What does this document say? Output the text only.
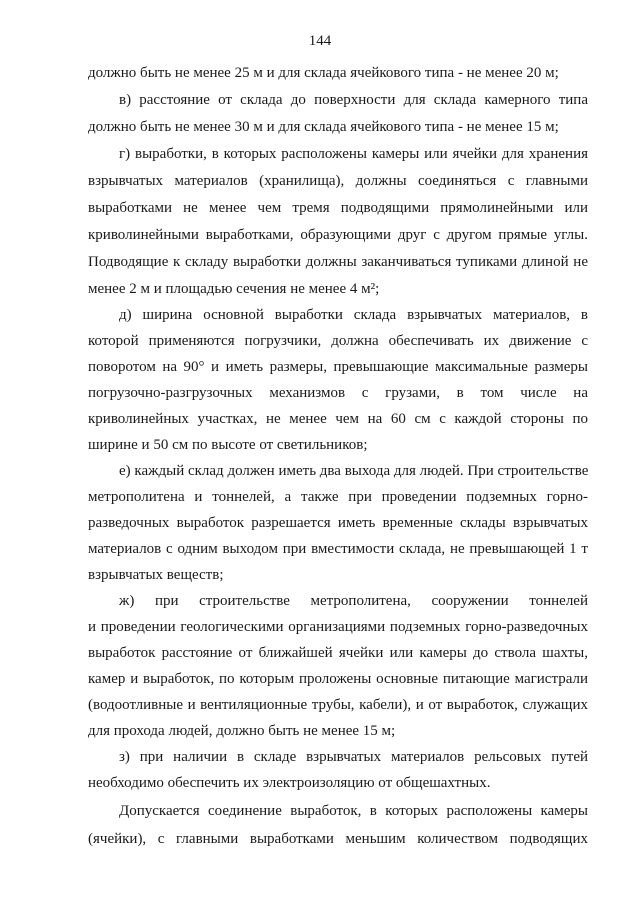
144
должно быть не менее 25 м и для склада ячейкового типа - не менее 20 м;
в) расстояние от склада до поверхности для склада камерного типа
должно быть не менее 30 м и для склада ячейкового типа - не менее 15 м;
г) выработки, в которых расположены камеры или ячейки для хранения
взрывчатых материалов (хранилища), должны соединяться с главными
выработками не менее чем тремя подводящими прямолинейными или
криволинейными выработками, образующими друг с другом прямые углы.
Подводящие к складу выработки должны заканчиваться тупиками длиной не
менее 2 м и площадью сечения не менее 4 м²;
д) ширина основной выработки склада взрывчатых материалов, в
которой применяются погрузчики, должна обеспечивать их движение с
поворотом на 90° и иметь размеры, превышающие максимальные размеры
погрузочно-разгрузочных механизмов с грузами, в том числе на
криволинейных участках, не менее чем на 60 см с каждой стороны по
ширине и 50 см по высоте от светильников;
е) каждый склад должен иметь два выхода для людей. При строительстве
метрополитена и тоннелей, а также при проведении подземных горно-
разведочных выработок разрешается иметь временные склады взрывчатых
материалов с одним выходом при вместимости склада, не превышающей 1 т
взрывчатых веществ;
ж) при строительстве метрополитена, сооружении тоннелей
и проведении геологическими организациями подземных горно-разведочных
выработок расстояние от ближайшей ячейки или камеры до ствола шахты,
камер и выработок, по которым проложены основные питающие магистрали
(водоотливные и вентиляционные трубы, кабели), и от выработок, служащих
для прохода людей, должно быть не менее 15 м;
з) при наличии в складе взрывчатых материалов рельсовых путей
необходимо обеспечить их электроизоляцию от общешахтных.
Допускается соединение выработок, в которых расположены камеры
(ячейки), с главными выработками меньшим количеством подводящих
